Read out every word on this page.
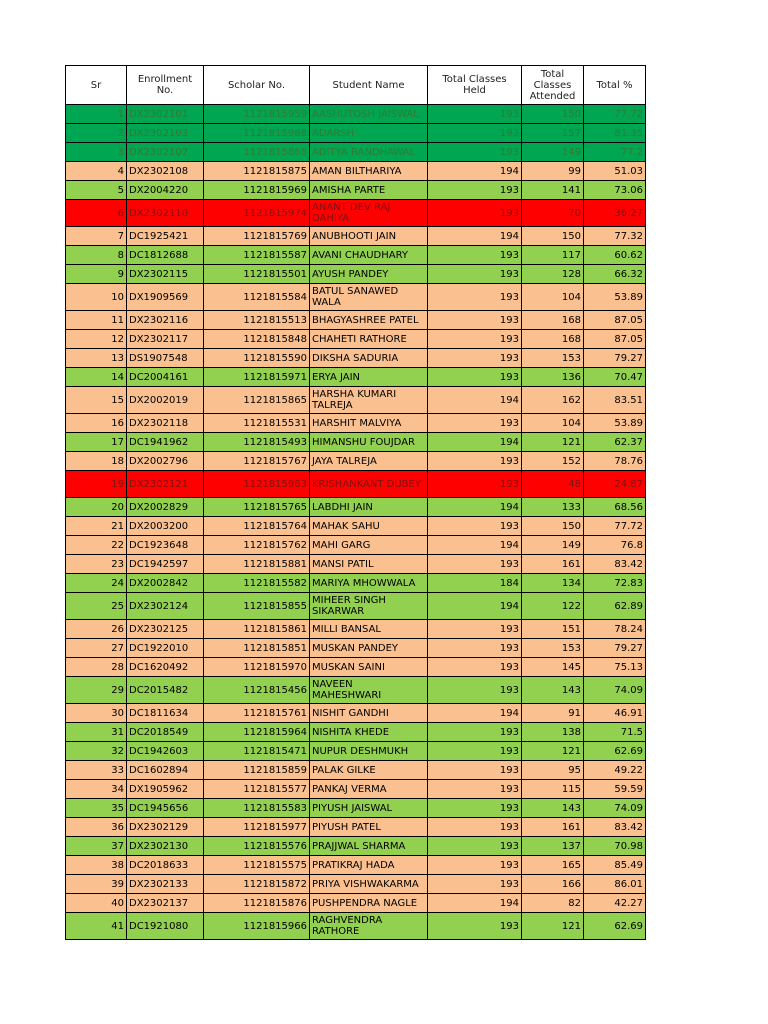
Sr	Enrollment No.	Scholar No.	Student Name	Total Classes Held	Total Classes Attended	Total %
1	DX2302101	1121815959	AASHUTOSH JAISWAL	193	150	77.72
2	DX2302103	1121815968	ADARSH	193	157	81.35
3	DX2302107	1121815866	ADITYA RANDHAWAL	193	149	77.2
4	DX2302108	1121815875	AMAN BILTHARIYA	194	99	51.03
5	DX2004220	1121815969	AMISHA PARTE	193	141	73.06
6	DX2302110	1121815974	ANANT DEV RAJ DAHIYA	193	70	36.27
7	DC1925421	1121815769	ANUBHOOTI JAIN	194	150	77.32
8	DC1812688	1121815587	AVANI CHAUDHARY	193	117	60.62
9	DX2302115	1121815501	AYUSH PANDEY	193	128	66.32
10	DX1909569	1121815584	BATUL SANAWED WALA	193	104	53.89
11	DX2302116	1121815513	BHAGYASHREE PATEL	193	168	87.05
12	DX2302117	1121815848	CHAHETI RATHORE	193	168	87.05
13	DS1907548	1121815590	DIKSHA SADURIA	193	153	79.27
14	DC2004161	1121815971	ERYA JAIN	193	136	70.47
15	DX2002019	1121815865	HARSHA KUMARI TALREJA	194	162	83.51
16	DX2302118	1121815531	HARSHIT MALVIYA	193	104	53.89
17	DC1941962	1121815493	HIMANSHU FOUJDAR	194	121	62.37
18	DX2002796	1121815767	JAYA TALREJA	193	152	78.76
19	DX2302121	1121815963	KRISHANKANT DUBEY	193	48	24.87
20	DX2002829	1121815765	LABDHI JAIN	194	133	68.56
21	DX2003200	1121815764	MAHAK SAHU	193	150	77.72
22	DC1923648	1121815762	MAHI GARG	194	149	76.8
23	DC1942597	1121815881	MANSI PATIL	193	161	83.42
24	DX2002842	1121815582	MARIYA MHOWWALA	184	134	72.83
25	DX2302124	1121815855	MIHEER SINGH SIKARWAR	194	122	62.89
26	DX2302125	1121815861	MILLI BANSAL	193	151	78.24
27	DC1922010	1121815851	MUSKAN PANDEY	193	153	79.27
28	DC1620492	1121815970	MUSKAN SAINI	193	145	75.13
29	DC2015482	1121815456	NAVEEN MAHESHWARI	193	143	74.09
30	DC1811634	1121815761	NISHIT GANDHI	194	91	46.91
31	DC2018549	1121815964	NISHITA KHEDE	193	138	71.5
32	DC1942603	1121815471	NUPUR DESHMUKH	193	121	62.69
33	DC1602894	1121815859	PALAK GILKE	193	95	49.22
34	DX1905962	1121815577	PANKAJ VERMA	193	115	59.59
35	DC1945656	1121815583	PIYUSH JAISWAL	193	143	74.09
36	DX2302129	1121815977	PIYUSH PATEL	193	161	83.42
37	DX2302130	1121815576	PRAJJWAL SHARMA	193	137	70.98
38	DC2018633	1121815575	PRATIKRAJ HADA	193	165	85.49
39	DX2302133	1121815872	PRIYA VISHWAKARMA	193	166	86.01
40	DX2302137	1121815876	PUSHPENDRA NAGLE	194	82	42.27
41	DC1921080	1121815966	RAGHVENDRA RATHORE	193	121	62.69
